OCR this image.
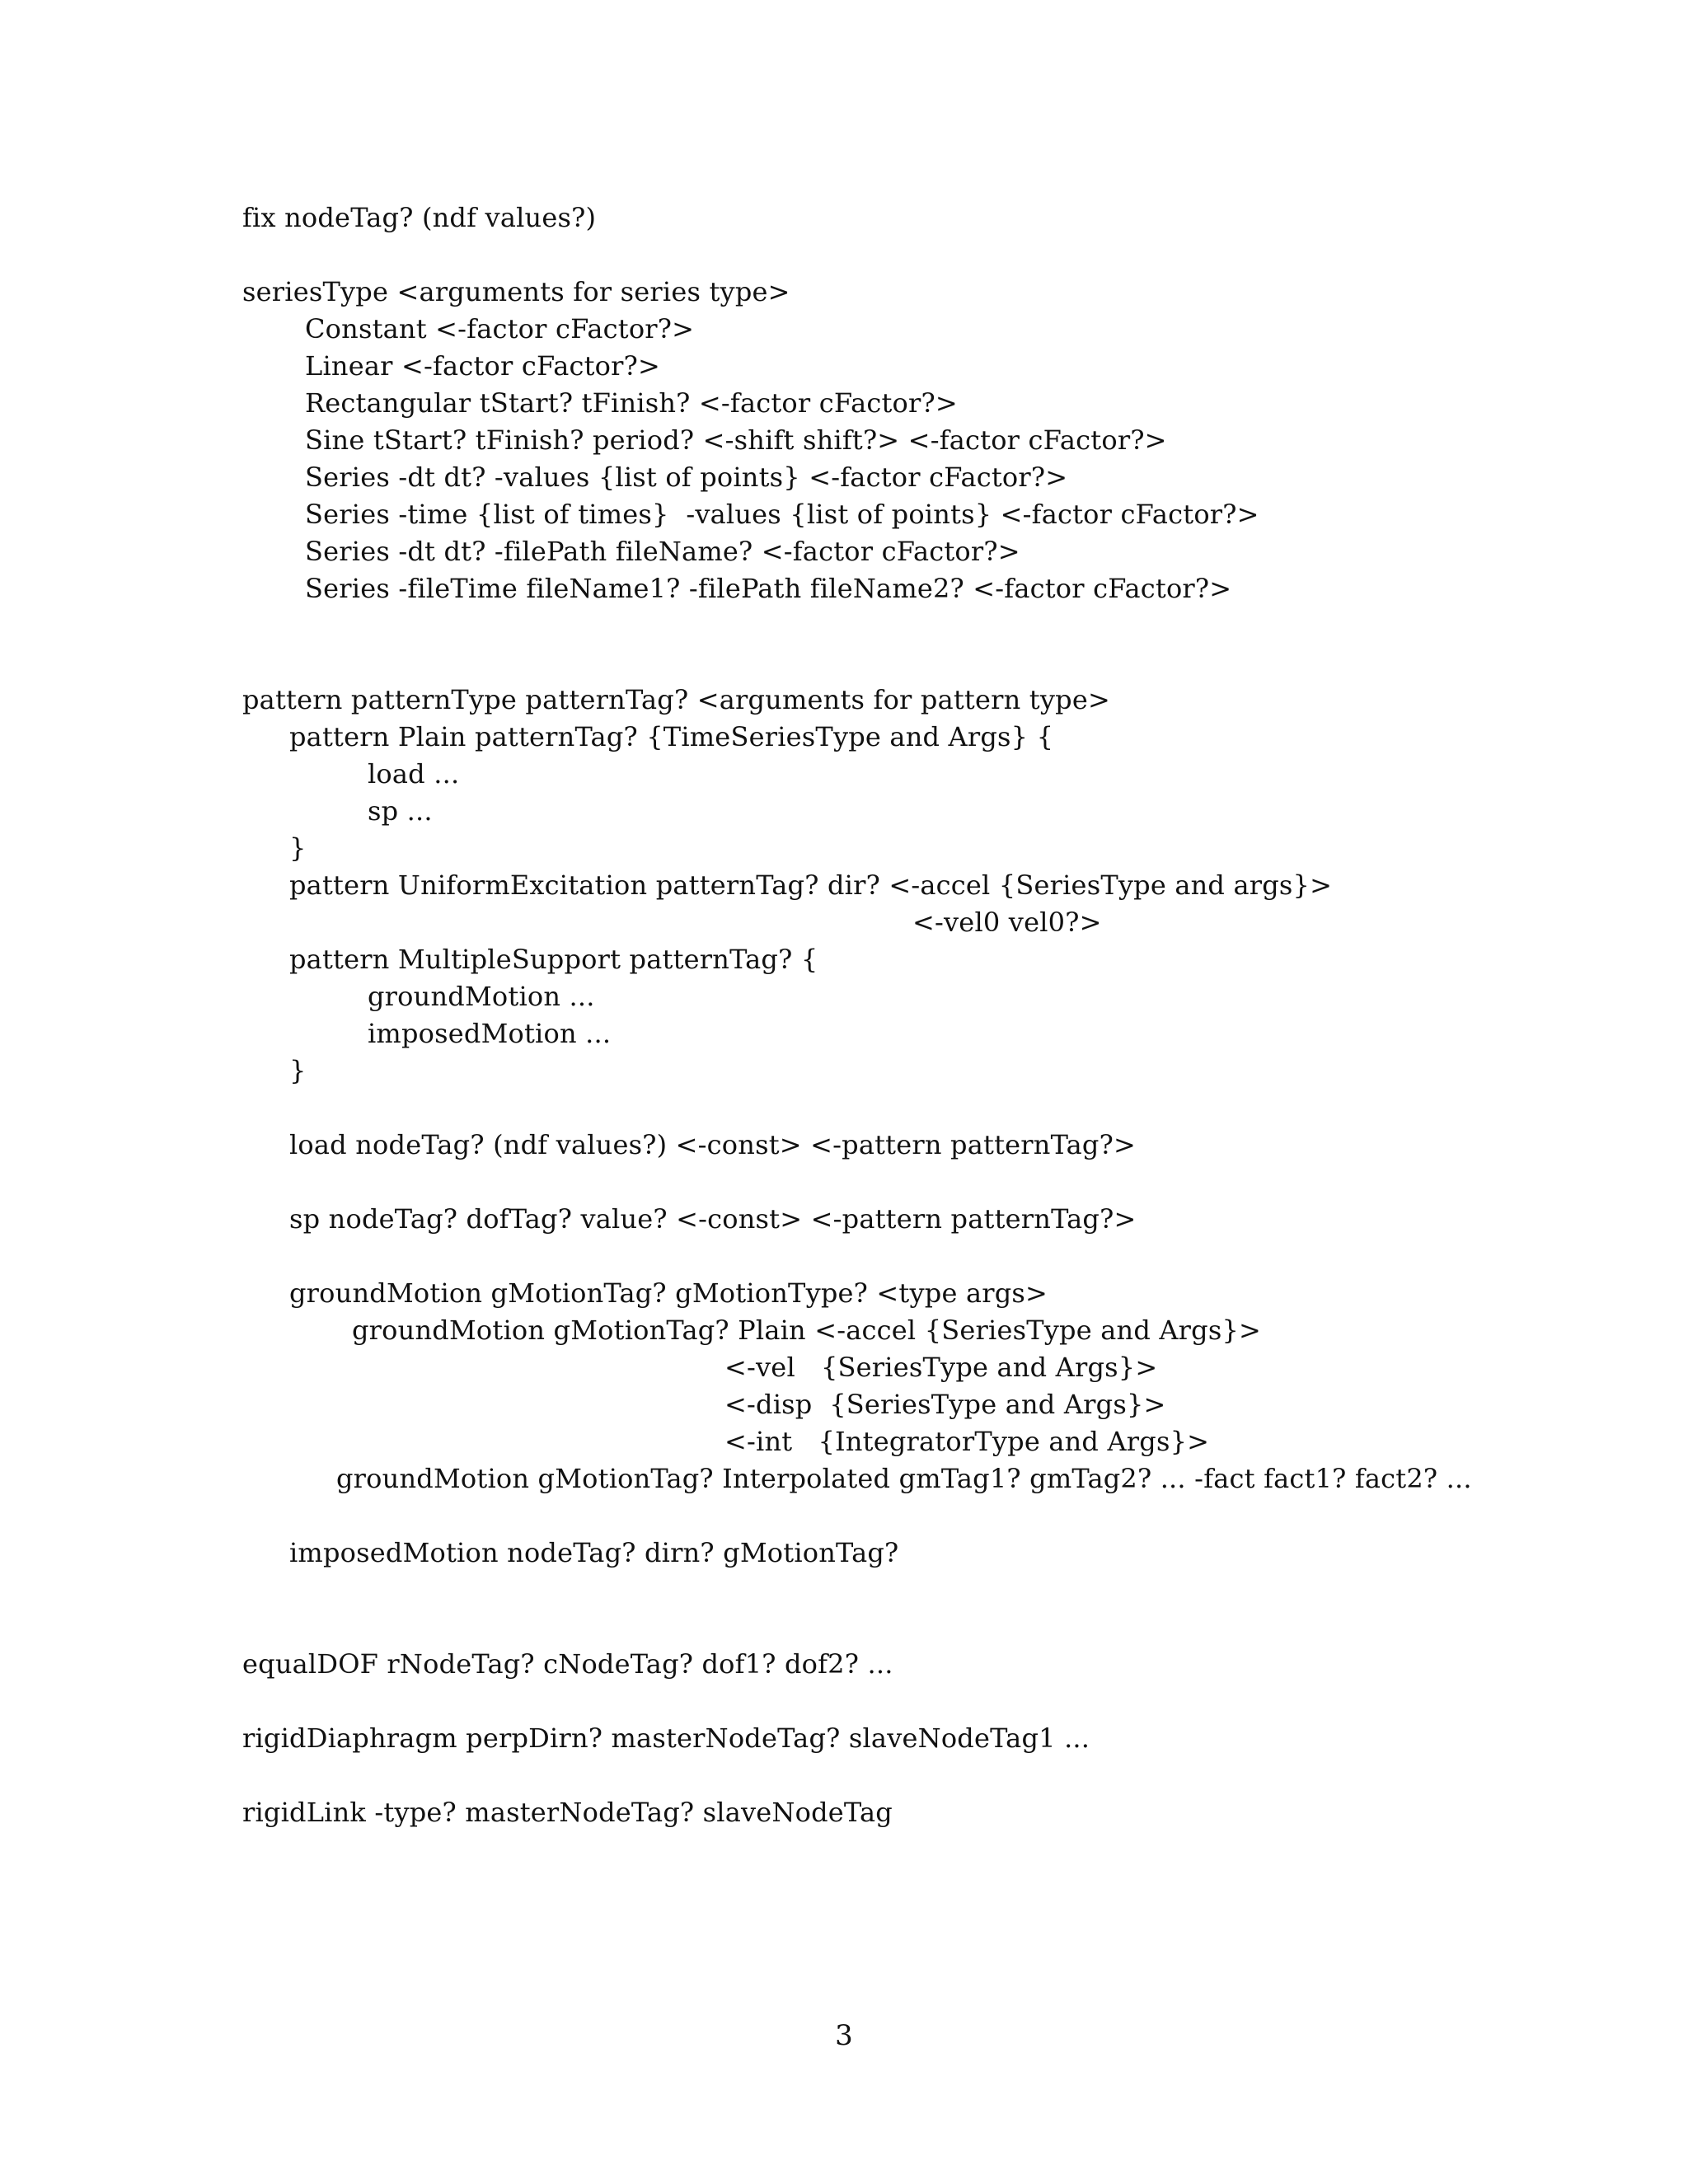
fix nodeTag? (ndf values?)
seriesType <arguments for series type>
Constant <-factor cFactor?>
Linear <-factor cFactor?>
Rectangular tStart? tFinish? <-factor cFactor?>
Sine tStart? tFinish? period? <-shift shift?> <-factor cFactor?>
Series -dt dt? -values {list of points} <-factor cFactor?>
Series -time {list of times}  -values {list of points} <-factor cFactor?>
Series -dt dt? -filePath fileName? <-factor cFactor?>
Series -fileTime fileName1? -filePath fileName2? <-factor cFactor?>
pattern patternType patternTag? <arguments for pattern type>
pattern Plain patternTag? {TimeSeriesType and Args} {
load ...
sp ...
}
pattern UniformExcitation patternTag? dir? <-accel {SeriesType and args}>
<-vel0 vel0?>
pattern MultipleSupport patternTag? {
groundMotion ...
imposedMotion ...
}
load nodeTag? (ndf values?) <-const> <-pattern patternTag?>
sp nodeTag? dofTag? value? <-const> <-pattern patternTag?>
groundMotion gMotionTag? gMotionType? <type args>
groundMotion gMotionTag? Plain <-accel {SeriesType and Args}>
<-vel   {SeriesType and Args}>
<-disp  {SeriesType and Args}>
<-int   {IntegratorType and Args}>
groundMotion gMotionTag? Interpolated gmTag1? gmTag2? ... -fact fact1? fact2? ...
imposedMotion nodeTag? dirn? gMotionTag?
equalDOF rNodeTag? cNodeTag? dof1? dof2? ...
rigidDiaphragm perpDirn? masterNodeTag? slaveNodeTag1 ...
rigidLink -type? masterNodeTag? slaveNodeTag
3
